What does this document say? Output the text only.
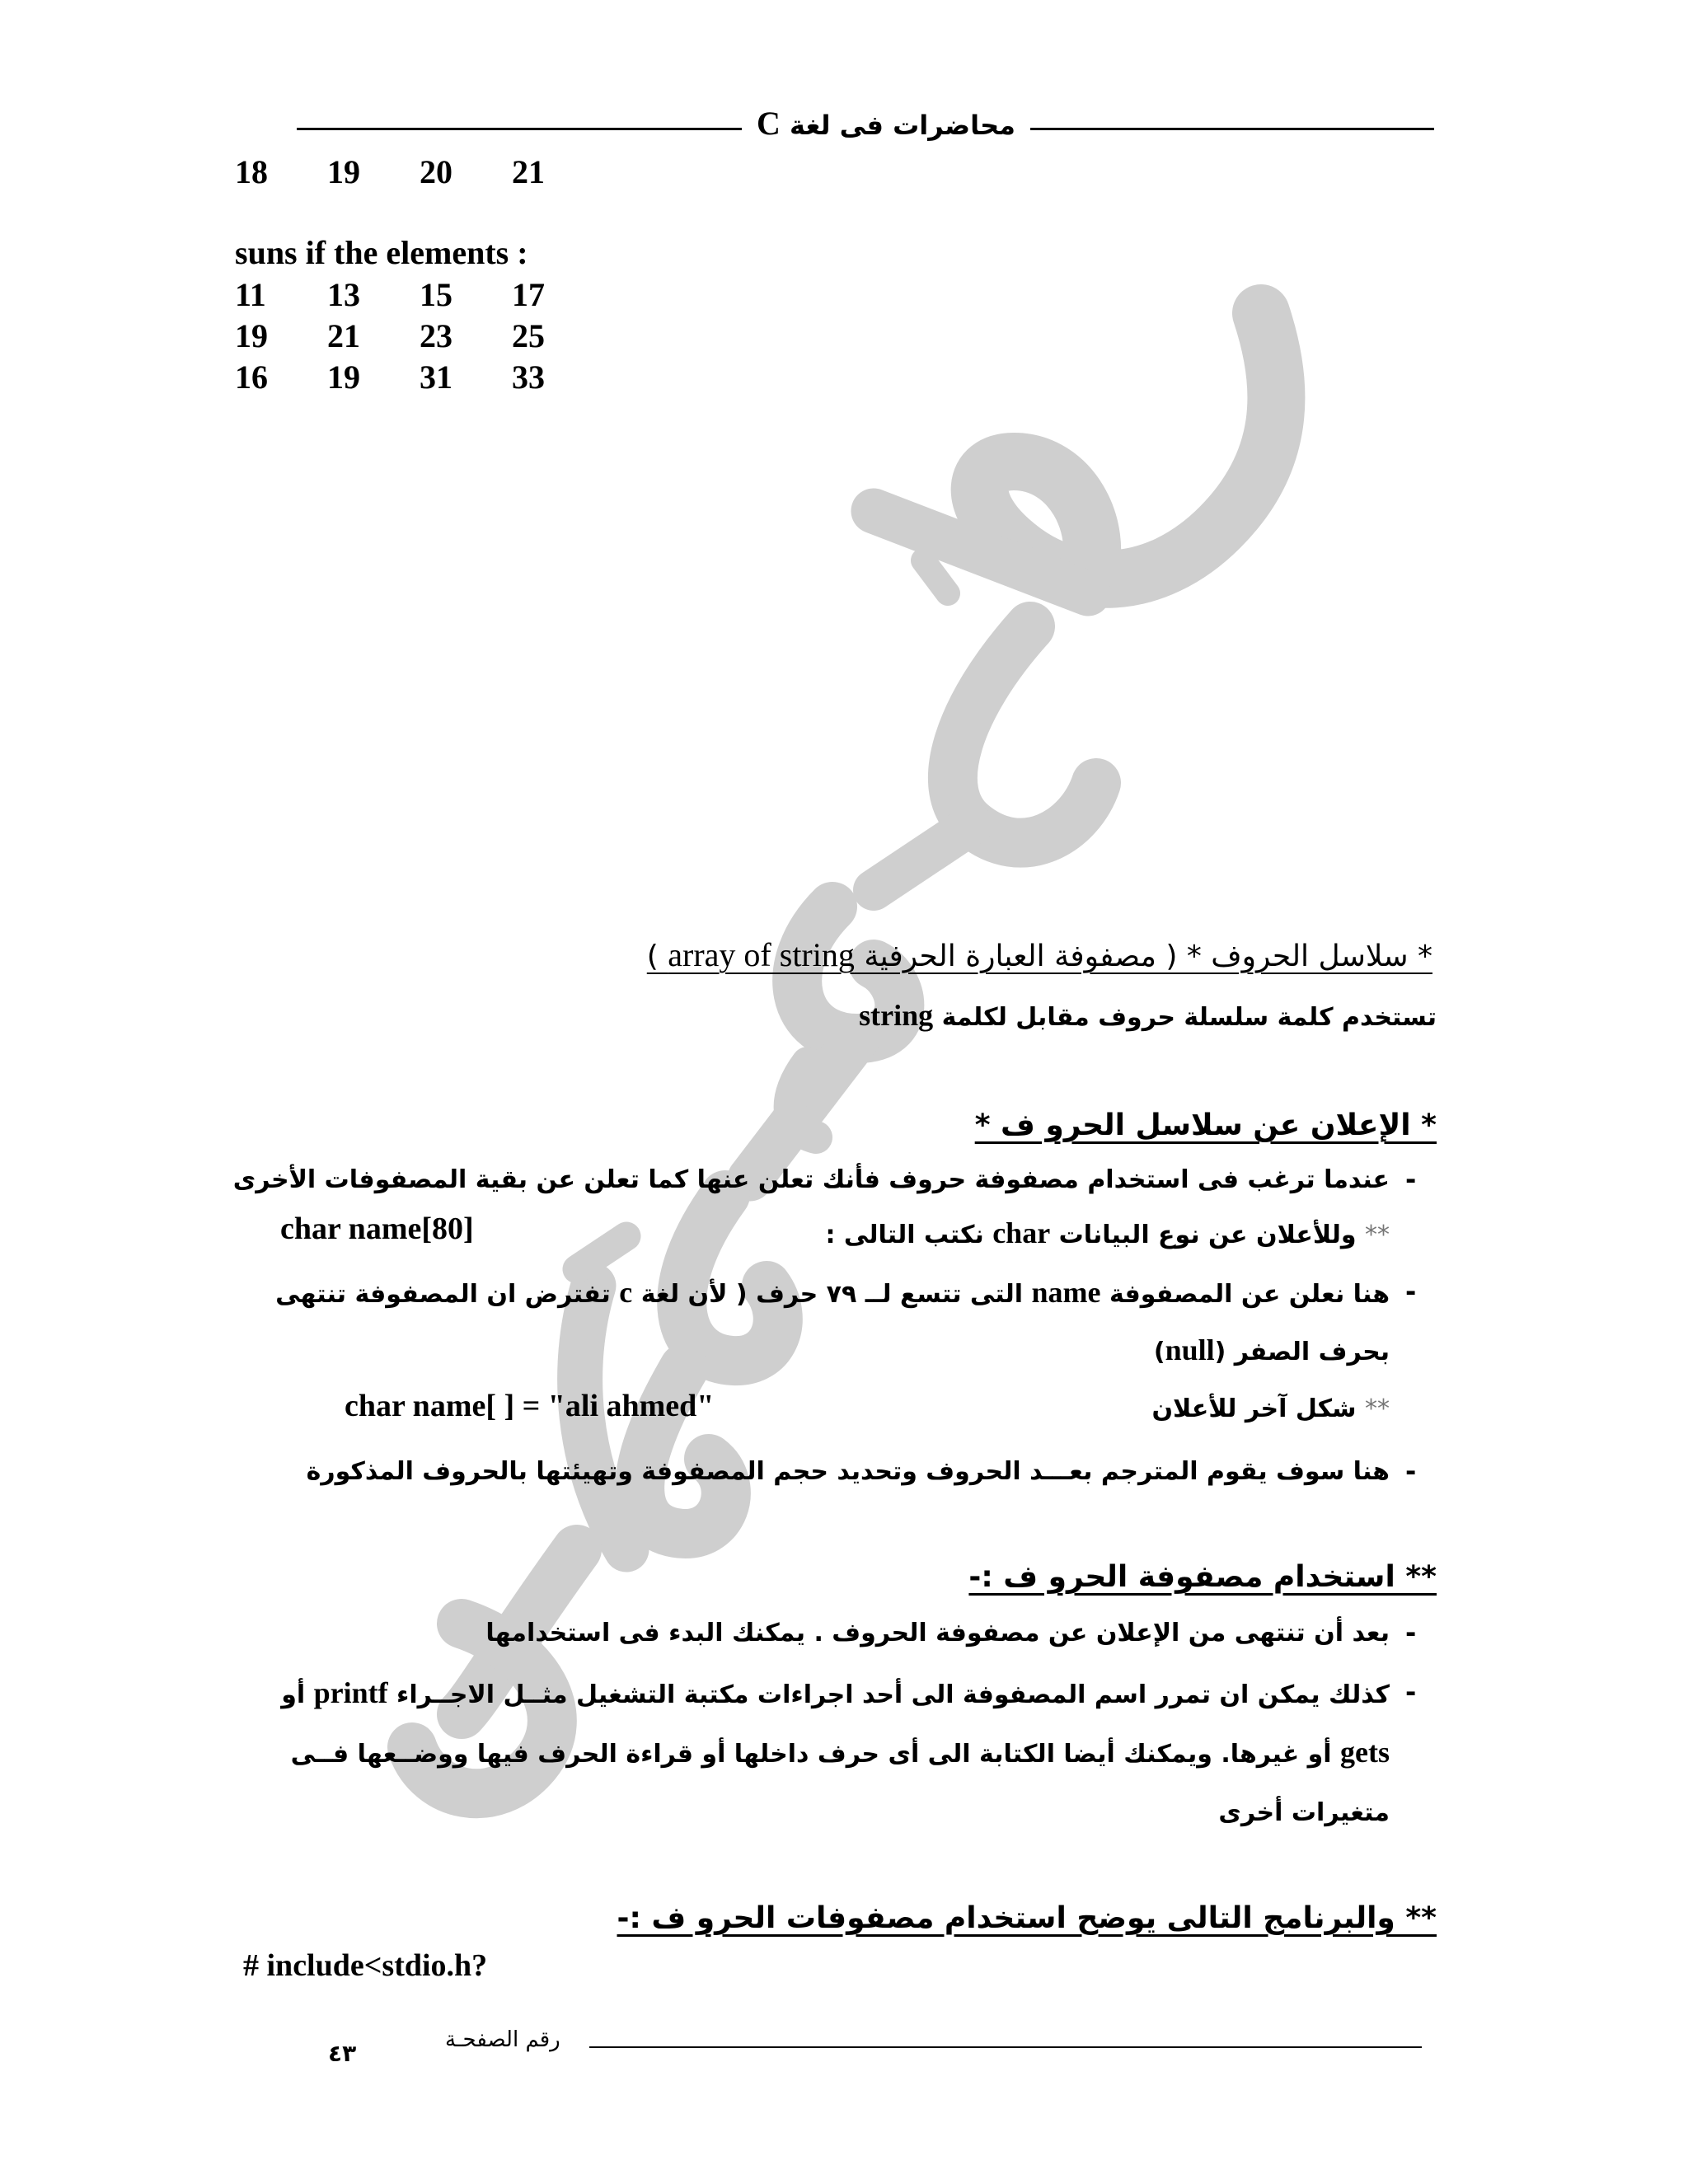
محاضرات فى لغة C
18	19	20	21
suns if the elements :
11	13	15	17
19	21	23	25
16	19	31	33
* سلاسل الحروف * ( مصفوفة العبارة الحرفية array of string )
تستخدم كلمة سلسلة حروف مقابل لكلمة string
* الإعلان عن سلاسل الحرو ف *
-
عندما ترغب فى استخدام مصفوفة حروف فأنك تعلن عنها كما تعلن عن بقية المصفوفات الأخرى
** وللأعلان عن نوع البيانات char نكتب التالى :
char name[80]
-
هنا نعلن عن المصفوفة name التى تتسع لــ ٧٩ حرف ( لأن لغة c تفترض ان المصفوفة تنتهى
بحرف الصفر (null)
** شكل آخر للأعلان
char name[ ] = "ali ahmed"
-
هنا سوف يقوم المترجم بعـــد الحروف وتحديد حجم المصفوفة وتهيئتها بالحروف المذكورة
** استخدام مصفوفة الحرو ف :-
-
بعد أن تنتهى من الإعلان عن مصفوفة الحروف . يمكنك البدء فى استخدامها
-
كذلك يمكن ان تمرر اسم المصفوفة الى أحد اجراءات مكتبة التشغيل مثــل الاجــراء printf أو
gets أو غيرها. ويمكنك أيضا الكتابة الى أى حرف داخلها أو قراءة الحرف فيها ووضــعها فــى
متغيرات أخرى
** والبرنامج التالى يوضح استخدام مصفوفات الحرو ف :-
# include<stdio.h?
رقم الصفحـة
٤٣
